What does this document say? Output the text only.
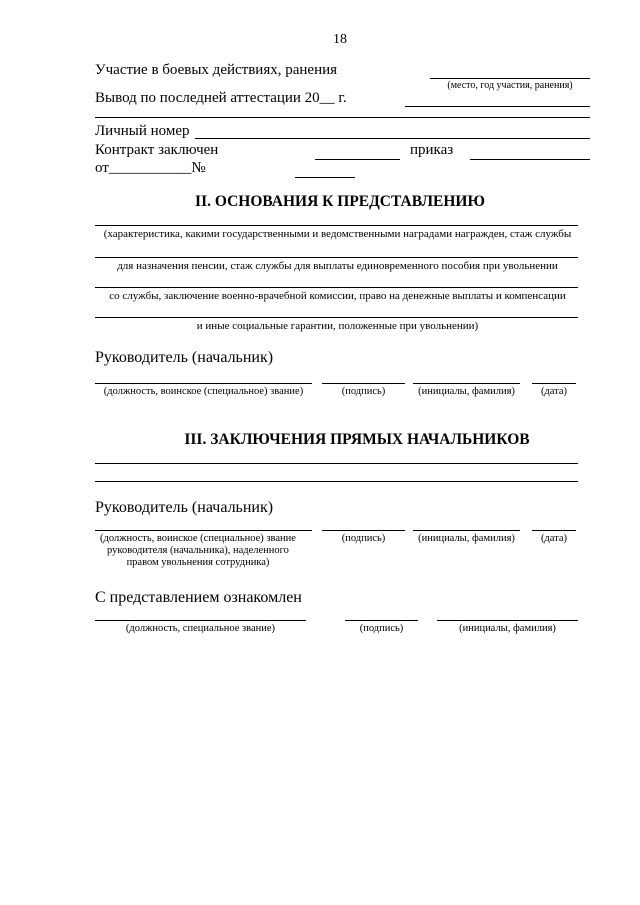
18
Участие в боевых действиях, ранения
(место, год участия, ранения)
Вывод по последней аттестации 20__ г.
Личный номер
Контракт заключен	приказ
от___________№
II. ОСНОВАНИЯ К ПРЕДСТАВЛЕНИЮ
(характеристика, какими государственными и ведомственными наградами награжден, стаж службы
для назначения пенсии, стаж службы для выплаты единовременного пособия при увольнении
со службы, заключение военно-врачебной комиссии, право на денежные выплаты и компенсации
и иные социальные гарантии, положенные при увольнении)
Руководитель (начальник)
(должность, воинское (специальное) звание)	(подпись)	(инициалы, фамилия)	(дата)
III. ЗАКЛЮЧЕНИЯ ПРЯМЫХ НАЧАЛЬНИКОВ
Руководитель (начальник)
(должность, воинское (специальное) звание
руководителя (начальника), наделенного
правом увольнения сотрудника)
(подпись)	(инициалы, фамилия)	(дата)
С представлением ознакомлен
(должность, специальное звание)	(подпись)	(инициалы, фамилия)
